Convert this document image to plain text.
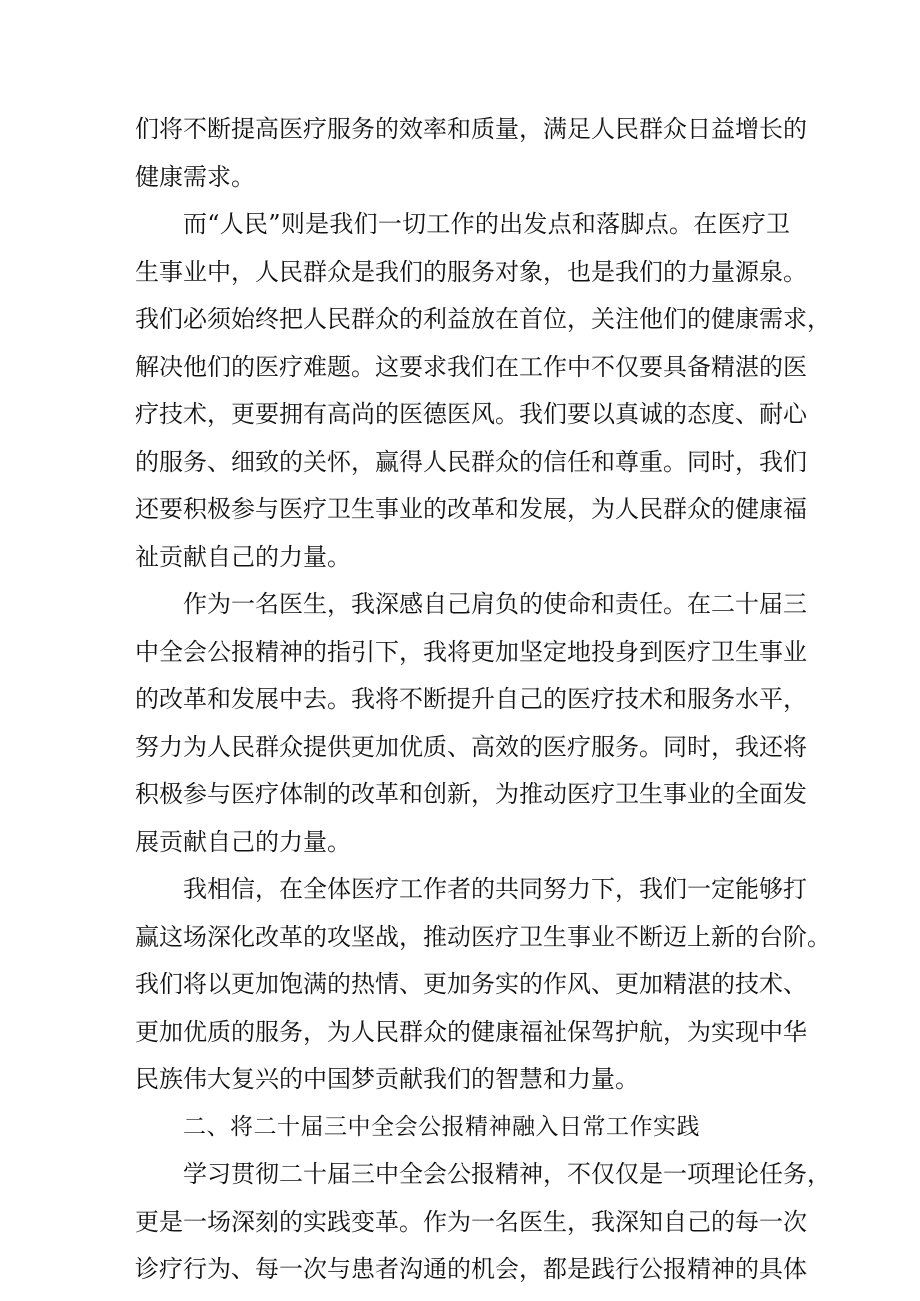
们将不断提高医疗服务的效率和质量，满足人民群众日益增长的
健康需求。
而“人民”则是我们一切工作的出发点和落脚点。在医疗卫
生事业中，人民群众是我们的服务对象，也是我们的力量源泉。
我们必须始终把人民群众的利益放在首位，关注他们的健康需求，
解决他们的医疗难题。这要求我们在工作中不仅要具备精湛的医
疗技术，更要拥有高尚的医德医风。我们要以真诚的态度、耐心
的服务、细致的关怀，赢得人民群众的信任和尊重。同时，我们
还要积极参与医疗卫生事业的改革和发展，为人民群众的健康福
祉贡献自己的力量。
作为一名医生，我深感自己肩负的使命和责任。在二十届三
中全会公报精神的指引下，我将更加坚定地投身到医疗卫生事业
的改革和发展中去。我将不断提升自己的医疗技术和服务水平，
努力为人民群众提供更加优质、高效的医疗服务。同时，我还将
积极参与医疗体制的改革和创新，为推动医疗卫生事业的全面发
展贡献自己的力量。
我相信，在全体医疗工作者的共同努力下，我们一定能够打
赢这场深化改革的攻坚战，推动医疗卫生事业不断迈上新的台阶。
我们将以更加饱满的热情、更加务实的作风、更加精湛的技术、
更加优质的服务，为人民群众的健康福祉保驾护航，为实现中华
民族伟大复兴的中国梦贡献我们的智慧和力量。
二、将二十届三中全会公报精神融入日常工作实践
学习贯彻二十届三中全会公报精神，不仅仅是一项理论任务，
更是一场深刻的实践变革。作为一名医生，我深知自己的每一次
诊疗行为、每一次与患者沟通的机会，都是践行公报精神的具体
